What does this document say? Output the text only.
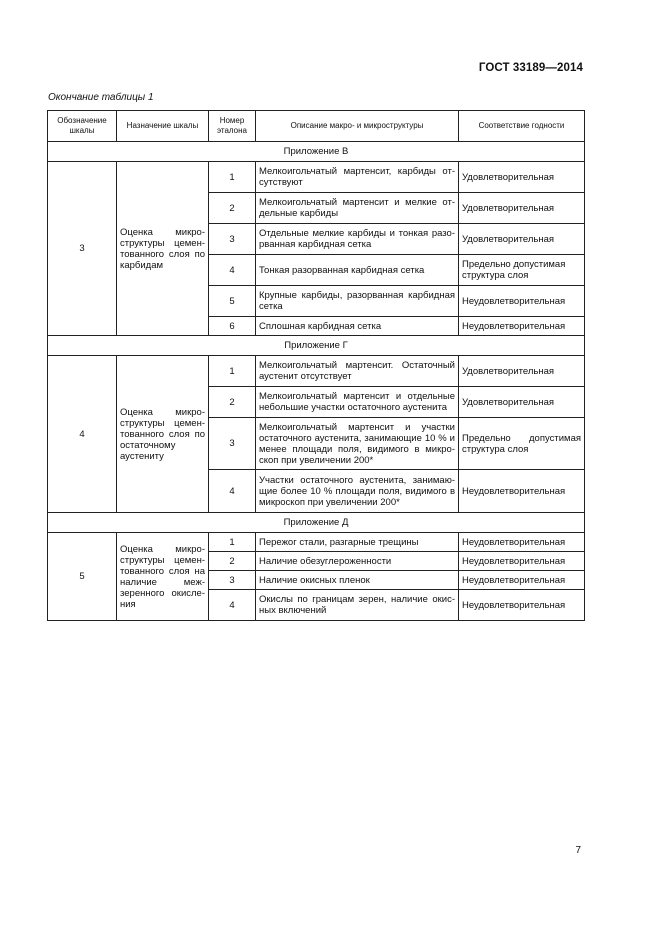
ГОСТ 33189—2014
Окончание таблицы 1
Обозначение шкалы	Назначение шкалы	Номер эталона	Описание макро- и микроструктуры	Соответствие годности
Приложение В				
3	Оценка микро-структуры цемен-тованного слоя по карбидам	1	Мелкоигольчатый мартенсит, карбиды от-сутствуют	Удовлетворительная
		2	Мелкоигольчатый мартенсит и мелкие от-дельные карбиды	Удовлетворительная
		3	Отдельные мелкие карбиды и тонкая разо-рванная карбидная сетка	Удовлетворительная
		4	Тонкая разорванная карбидная сетка	Предельно допустимая структура слоя
		5	Крупные карбиды, разорванная карбидная сетка	Неудовлетворительная
		6	Сплошная карбидная сетка	Неудовлетворительная
Приложение Г				
4	Оценка микро-структуры цемен-тованного слоя по остаточному аустениту	1	Мелкоигольчатый мартенсит. Остаточный аустенит отсутствует	Удовлетворительная
		2	Мелкоигольчатый мартенсит и отдельные небольшие участки остаточного аустенита	Удовлетворительная
		3	Мелкоигольчатый мартенсит и участки остаточного аустенита, занимающие 10 % и менее площади поля, видимого в микро-скоп при увеличении 200*	Предельно допустимая структура слоя
		4	Участки остаточного аустенита, занимаю-щие более 10 % площади поля, видимого в микроскоп при увеличении 200*	Неудовлетворительная
Приложение Д				
5	Оценка микро-структуры цемен-тованного слоя на наличие меж-зеренного окисле-ния	1	Пережог стали, разгарные трещины	Неудовлетворительная
		2	Наличие обезуглероженности	Неудовлетворительная
		3	Наличие окисных пленок	Неудовлетворительная
		4	Окислы по границам зерен, наличие окис-ных включений	Неудовлетворительная
7
